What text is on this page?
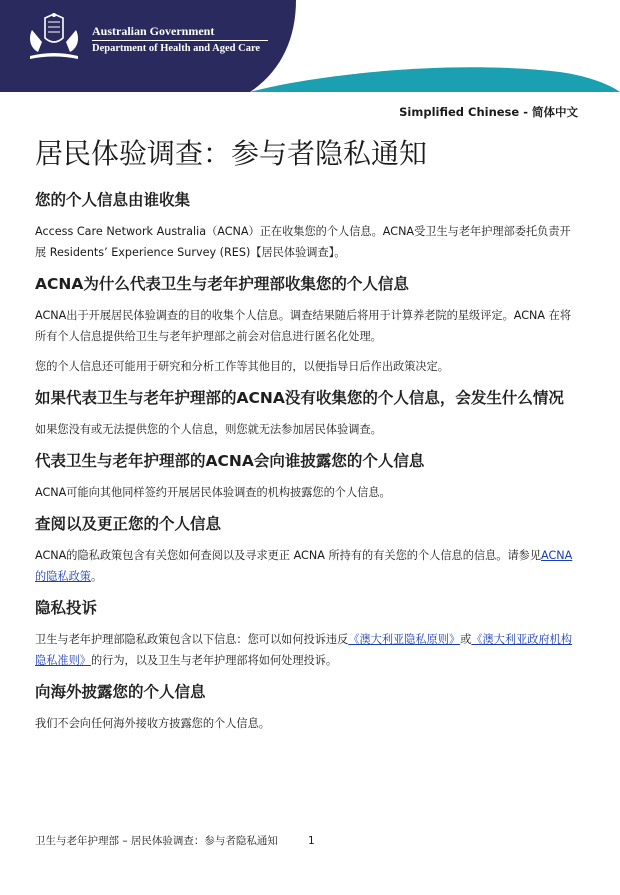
Australian Government
Department of Health and Aged Care
Simplified Chinese - 简体中文
居民体验调查：参与者隐私通知
您的个人信息由谁收集

Access Care Network Australia（ACNA）正在收集您的个人信息。ACNA受卫生与老年护理部委托负责开展 Residents’ Experience Survey (RES)【居民体验调查】。

ACNA为什么代表卫生与老年护理部收集您的个人信息

ACNA出于开展居民体验调查的目的收集个人信息。调查结果随后将用于计算养老院的星级评定。ACNA 在将所有个人信息提供给卫生与老年护理部之前会对信息进行匿名化处理。

您的个人信息还可能用于研究和分析工作等其他目的，以便指导日后作出政策决定。

如果代表卫生与老年护理部的ACNA没有收集您的个人信息，会发生什么情况

如果您没有或无法提供您的个人信息，则您就无法参加居民体验调查。

代表卫生与老年护理部的ACNA会向谁披露您的个人信息

ACNA可能向其他同样签约开展居民体验调查的机构披露您的个人信息。

查阅以及更正您的个人信息

ACNA的隐私政策包含有关您如何查阅以及寻求更正 ACNA 所持有的有关您的个人信息的信息。请参见ACNA的隐私政策。

隐私投诉

卫生与老年护理部隐私政策包含以下信息：您可以如何投诉违反《澳大利亚隐私原则》或《澳大利亚政府机构隐私准则》的行为，以及卫生与老年护理部将如何处理投诉。

向海外披露您的个人信息

我们不会向任何海外接收方披露您的个人信息。

卫生与老年护理部 – 居民体验调查：参与者隐私通知	1
